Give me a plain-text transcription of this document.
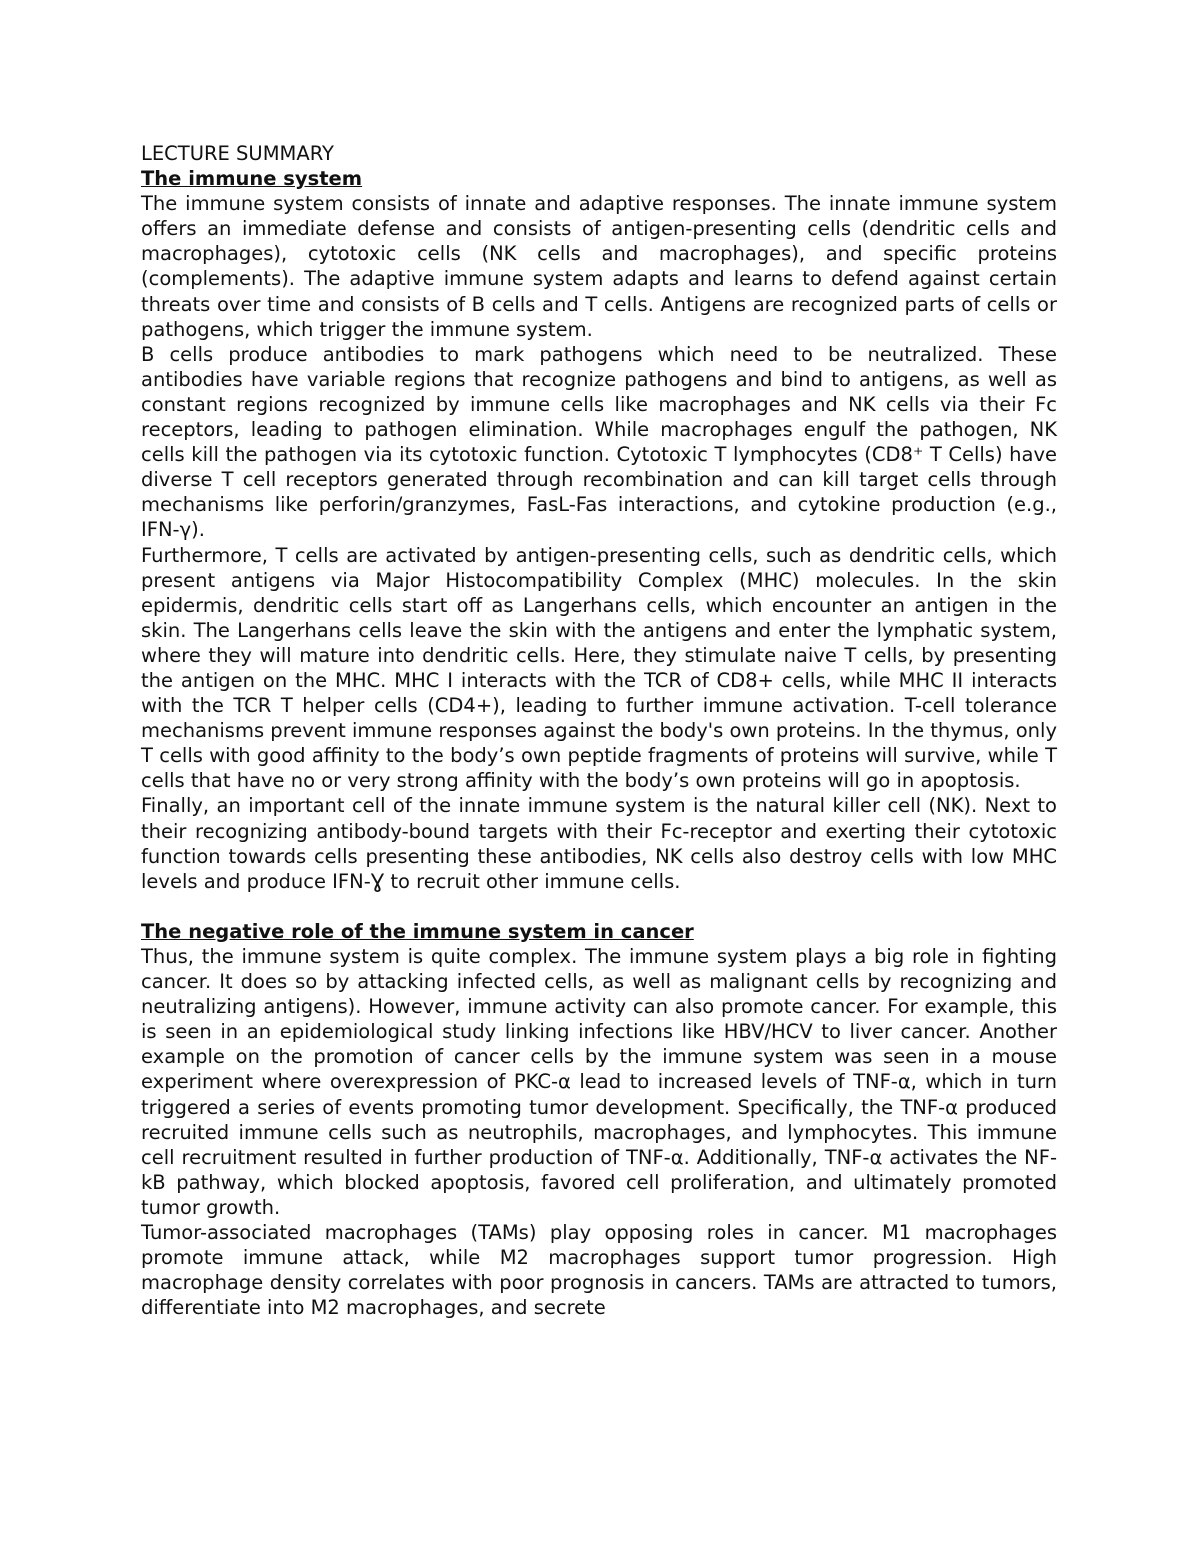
LECTURE SUMMARY
The immune system

The immune system consists of innate and adaptive responses. The innate immune system offers an immediate defense and consists of antigen-presenting cells (dendritic cells and macrophages), cytotoxic cells (NK cells and macrophages), and specific proteins (complements). The adaptive immune system adapts and learns to defend against certain threats over time and consists of B cells and T cells. Antigens are recognized parts of cells or pathogens, which trigger the immune system.

B cells produce antibodies to mark pathogens which need to be neutralized. These antibodies have variable regions that recognize pathogens and bind to antigens, as well as constant regions recognized by immune cells like macrophages and NK cells via their Fc receptors, leading to pathogen elimination. While macrophages engulf the pathogen, NK cells kill the pathogen via its cytotoxic function. Cytotoxic T lymphocytes (CD8⁺ T Cells) have diverse T cell receptors generated through recombination and can kill target cells through mechanisms like perforin/granzymes, FasL-Fas interactions, and cytokine production (e.g., IFN-γ).

Furthermore, T cells are activated by antigen-presenting cells, such as dendritic cells, which present antigens via Major Histocompatibility Complex (MHC) molecules. In the skin epidermis, dendritic cells start off as Langerhans cells, which encounter an antigen in the skin. The Langerhans cells leave the skin with the antigens and enter the lymphatic system, where they will mature into dendritic cells. Here, they stimulate naive T cells, by presenting the antigen on the MHC. MHC I interacts with the TCR of CD8+ cells, while MHC II interacts with the TCR T helper cells (CD4+), leading to further immune activation. T-cell tolerance mechanisms prevent immune responses against the body's own proteins. In the thymus, only T cells with good affinity to the body’s own peptide fragments of proteins will survive, while T cells that have no or very strong affinity with the body’s own proteins will go in apoptosis.

Finally, an important cell of the innate immune system is the natural killer cell (NK). Next to their recognizing antibody-bound targets with their Fc-receptor and exerting their cytotoxic function towards cells presenting these antibodies, NK cells also destroy cells with low MHC levels and produce IFN-Ɣ to recruit other immune cells.

The negative role of the immune system in cancer

Thus, the immune system is quite complex. The immune system plays a big role in fighting cancer. It does so by attacking infected cells, as well as malignant cells by recognizing and neutralizing antigens). However, immune activity can also promote cancer. For example, this is seen in an epidemiological study linking infections like HBV/HCV to liver cancer. Another example on the promotion of cancer cells by the immune system was seen in a mouse experiment where overexpression of PKC-α lead to increased levels of TNF-α, which in turn triggered a series of events promoting tumor development. Specifically, the TNF-α produced recruited immune cells such as neutrophils, macrophages, and lymphocytes. This immune cell recruitment resulted in further production of TNF-α. Additionally, TNF-α activates the NF-kB pathway, which blocked apoptosis, favored cell proliferation, and ultimately promoted tumor growth.

Tumor-associated macrophages (TAMs) play opposing roles in cancer. M1 macrophages promote immune attack, while M2 macrophages support tumor progression. High macrophage density correlates with poor prognosis in cancers. TAMs are attracted to tumors, differentiate into M2 macrophages, and secrete
